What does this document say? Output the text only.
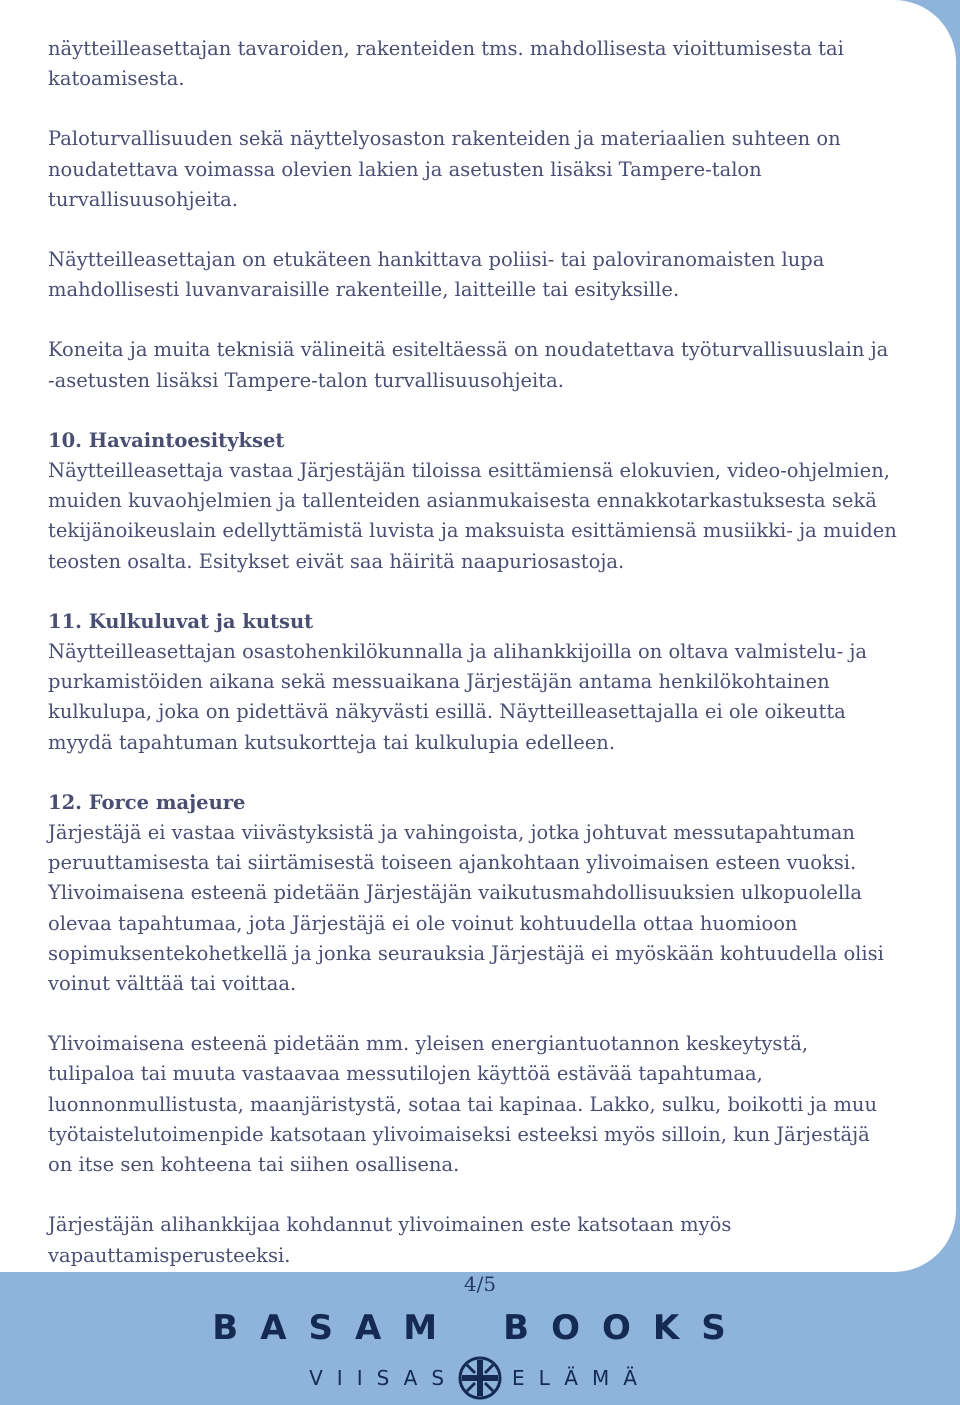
näytteilleasettajan tavaroiden, rakenteiden tms. mahdollisesta vioittumisesta tai katoamisesta.

Paloturvallisuuden sekä näyttelyosaston rakenteiden ja materiaalien suhteen on noudatettava voimassa olevien lakien ja asetusten lisäksi Tampere-talon turvallisuusohjeita.

Näytteilleasettajan on etukäteen hankittava poliisi- tai paloviranomaisten lupa mahdollisesti luvanvaraisille rakenteille, laitteille tai esityksille.

Koneita ja muita teknisiä välineitä esiteltäessä on noudatettava työturvallisuuslain ja -asetusten lisäksi Tampere-talon turvallisuusohjeita.

10. Havaintoesitykset
Näytteilleasettaja vastaa Järjestäjän tiloissa esittämiensä elokuvien, video-ohjelmien, muiden kuvaohjelmien ja tallenteiden asianmukaisesta ennakkotarkastuksesta sekä tekijänoikeuslain edellyttämistä luvista ja maksuista esittämiensä musiikki- ja muiden teosten osalta. Esitykset eivät saa häiritä naapuriosastoja.

11. Kulkuluvat ja kutsut
Näytteilleasettajan osastohenkilökunnalla ja alihankkijoilla on oltava valmistelu- ja purkamistöiden aikana sekä messuaikana Järjestäjän antama henkilökohtainen kulkulupa, joka on pidettävä näkyvästi esillä. Näytteilleasettajalla ei ole oikeutta myydä tapahtuman kutsukortteja tai kulkulupia edelleen.

12. Force majeure
Järjestäjä ei vastaa viivästyksistä ja vahingoista, jotka johtuvat messutapahtuman peruuttamisesta tai siirtämisestä toiseen ajankohtaan ylivoimaisen esteen vuoksi. Ylivoimaisena esteenä pidetään Järjestäjän vaikutusmahdollisuuksien ulkopuolella olevaa tapahtumaa, jota Järjestäjä ei ole voinut kohtuudella ottaa huomioon sopimuksentekohetkellä ja jonka seurauksia Järjestäjä ei myöskään kohtuudella olisi voinut välttää tai voittaa.

Ylivoimaisena esteenä pidetään mm. yleisen energiantuotannon keskeytystä, tulipaloa tai muuta vastaavaa messutilojen käyttöä estävää tapahtumaa, luonnonmullistusta, maanjäristystä, sotaa tai kapinaa. Lakko, sulku, boikotti ja muu työtaistelutoimenpide katsotaan ylivoimaiseksi esteeksi myös silloin, kun Järjestäjä on itse sen kohteena tai siihen osallisena.

Järjestäjän alihankkijaa kohdannut ylivoimainen este katsotaan myös vapauttamisperusteeksi.

4/5
BASAM BOOKS
VIISAS	ELÄMÄ
